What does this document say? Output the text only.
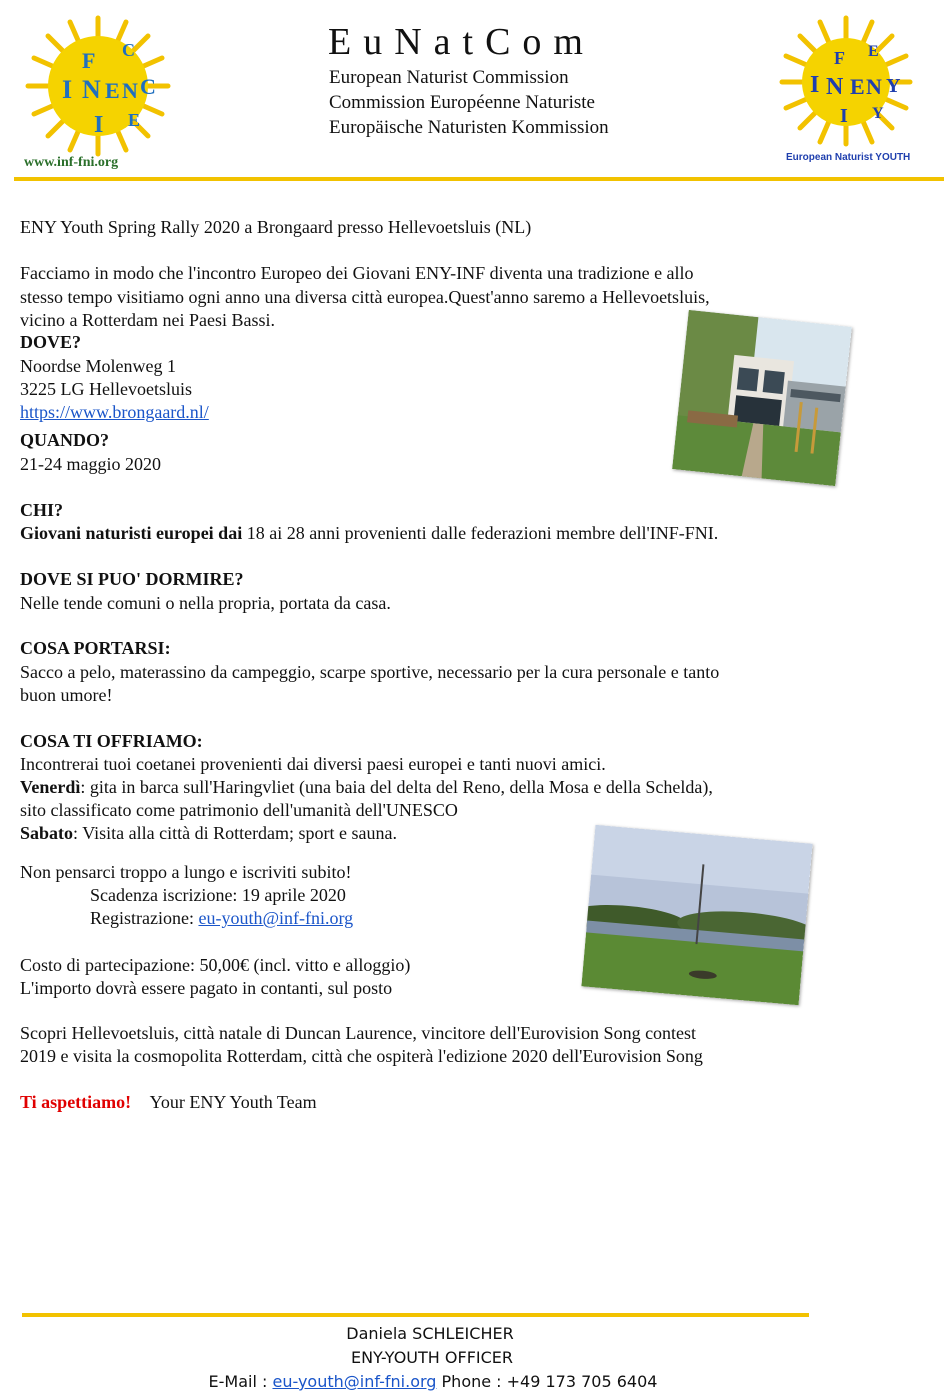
F C
I N E N C
I E
www.inf-fni.org
EuNatCom
European Naturist Commission
Commission Européenne Naturiste
Europäische Naturisten Kommission
F E
I N E N Y
I Y
European Naturist YOUTH
ENY Youth Spring Rally 2020 a Brongaard presso Hellevoetsluis (NL)
Facciamo in modo che l'incontro Europeo dei Giovani ENY-INF diventa una tradizione e allo
stesso tempo visitiamo ogni anno una diversa città europea.Quest'anno saremo a Hellevoetsluis,
vicino a Rotterdam nei Paesi Bassi.
DOVE?
Noordse Molenweg 1
3225 LG Hellevoetsluis
https://www.brongaard.nl/
QUANDO?
21-24 maggio 2020
CHI?
Giovani naturisti europei dai 18 ai 28 anni provenienti dalle federazioni membre dell'INF-FNI.
DOVE SI PUO' DORMIRE?
Nelle tende comuni o nella propria, portata da casa.
COSA PORTARSI:
Sacco a pelo, materassino da campeggio, scarpe sportive, necessario per la cura personale e tanto
buon umore!
COSA TI OFFRIAMO:
Incontrerai tuoi coetanei provenienti dai diversi paesi europei e tanti nuovi amici.
Venerdì: gita in barca sull'Haringvliet (una baia del delta del Reno, della Mosa e della Schelda),
sito classificato come patrimonio dell'umanità dell'UNESCO
Sabato: Visita alla città di Rotterdam; sport e sauna.
Non pensarci troppo a lungo e iscriviti subito!
Scadenza iscrizione: 19 aprile 2020
Registrazione: eu-youth@inf-fni.org
Costo di partecipazione: 50,00€ (incl. vitto e alloggio)
L'importo dovrà essere pagato in contanti, sul posto
Scopri Hellevoetsluis, città natale di Duncan Laurence, vincitore dell'Eurovision Song contest
2019 e visita la cosmopolita Rotterdam, città che ospiterà l'edizione 2020 dell'Eurovision Song
Ti aspettiamo! Your ENY Youth Team
Daniela SCHLEICHER
ENY-YOUTH OFFICER
E-Mail : eu-youth@inf-fni.org Phone : +49 173 705 6404
